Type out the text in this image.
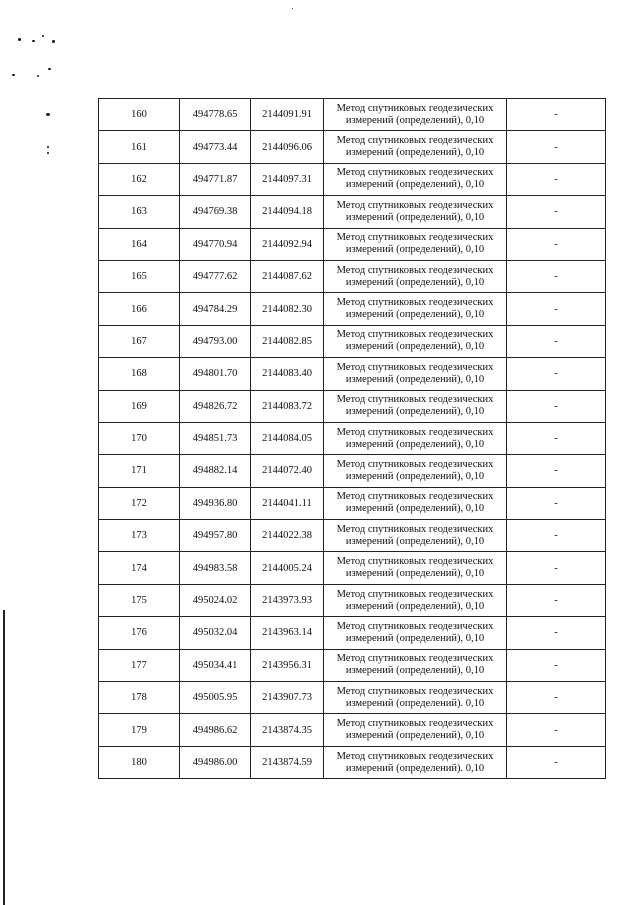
160	494778.65	2144091.91	Метод спутниковых геодезических
измерений (определений), 0,10	-
161	494773.44	2144096.06	Метод спутниковых геодезических
измерений (определений), 0,10	-
162	494771.87	2144097.31	Метод спутниковых геодезических
измерений (определений), 0,10	-
163	494769.38	2144094.18	Метод спутниковых геодезических
измерений (определений), 0,10	-
164	494770.94	2144092.94	Метод спутниковых геодезических
измерений (определений), 0,10	-
165	494777.62	2144087.62	Метод спутниковых геодезических
измерений (определений), 0,10	-
166	494784.29	2144082.30	Метод спутниковых геодезических
измерений (определений), 0,10	-
167	494793.00	2144082.85	Метод спутниковых геодезических
измерений (определений), 0,10	-
168	494801.70	2144083.40	Метод спутниковых геодезических
измерений (определений), 0,10	-
169	494826.72	2144083.72	Метод спутниковых геодезических
измерений (определений), 0,10	-
170	494851.73	2144084.05	Метод спутниковых геодезических
измерений (определений), 0,10	-
171	494882.14	2144072.40	Метод спутниковых геодезических
измерений (определений), 0,10	-
172	494936.80	2144041.11	Метод спутниковых геодезических
измерений (определений), 0,10	-
173	494957.80	2144022.38	Метод спутниковых геодезических
измерений (определений), 0,10	-
174	494983.58	2144005.24	Метод спутниковых геодезических
измерений (определений), 0,10	-
175	495024.02	2143973.93	Метод спутниковых геодезических
измерений (определений), 0,10	-
176	495032.04	2143963.14	Метод спутниковых геодезических
измерений (определений), 0,10	-
177	495034.41	2143956.31	Метод спутниковых геодезических
измерений (определений), 0,10	-
178	495005.95	2143907.73	Метод спутниковых геодезических
измерений (определений). 0,10	-
179	494986.62	2143874.35	Метод спутниковых геодезических
измерений (определений), 0,10	-
180	494986.00	2143874.59	Метод спутниковых геодезических
измерений (определений). 0,10	-
